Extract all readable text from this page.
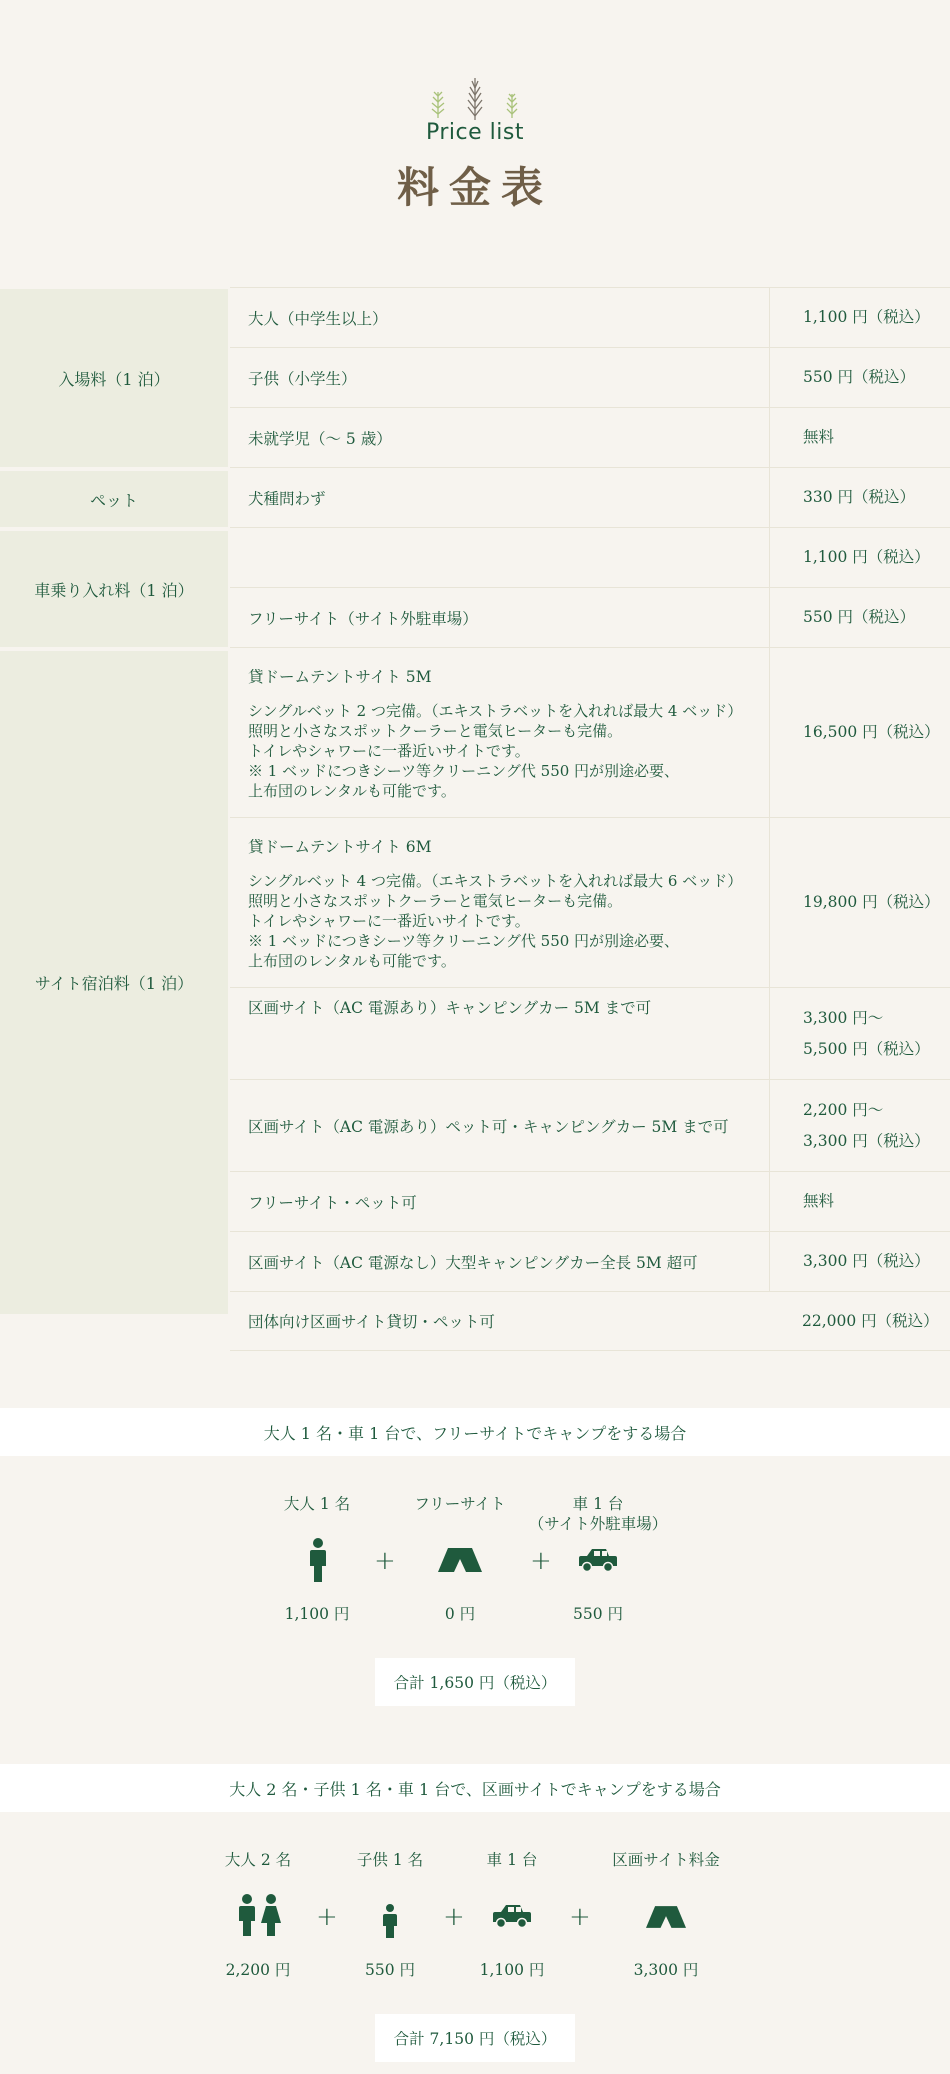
Price list
料金表
入場料（1 泊）
大人（中学生以上）	1,100 円（税込）
子供（小学生）	550 円（税込）
未就学児（～ 5 歳）	無料
ペット	犬種問わず	330 円（税込）
車乗り入れ料（1 泊）
1,100 円（税込）
フリーサイト（サイト外駐車場）	550 円（税込）
サイト宿泊料（1 泊）
貸ドームテントサイト 5M
シングルベット 2 つ完備。（エキストラベットを入れれば最大 4 ベッド）
照明と小さなスポットクーラーと電気ヒーターも完備。
トイレやシャワーに一番近いサイトです。
※ 1 ベッドにつきシーツ等クリーニング代 550 円が別途必要、
上布団のレンタルも可能です。
16,500 円（税込）
貸ドームテントサイト 6M
シングルベット 4 つ完備。（エキストラベットを入れれば最大 6 ベッド）
照明と小さなスポットクーラーと電気ヒーターも完備。
トイレやシャワーに一番近いサイトです。
※ 1 ベッドにつきシーツ等クリーニング代 550 円が別途必要、
上布団のレンタルも可能です。
19,800 円（税込）
区画サイト（AC 電源あり）キャンピングカー 5M まで可
3,300 円～ 5,500 円（税込）
区画サイト（AC 電源あり）ペット可・キャンピングカー 5M まで可
2,200 円～ 3,300 円（税込）
フリーサイト・ペット可	無料
区画サイト（AC 電源なし）大型キャンピングカー全長 5M 超可	3,300 円（税込）
団体向け区画サイト貸切・ペット可	22,000 円（税込）
大人 1 名・車 1 台で、フリーサイトでキャンプをする場合
大人 1 名
1,100 円
+
フリーサイト
0 円
+
車 1 台
（サイト外駐車場）
550 円
合計 1,650 円（税込）
大人 2 名・子供 1 名・車 1 台で、区画サイトでキャンプをする場合
大人 2 名
2,200 円
+
子供 1 名
550 円
+
車 1 台
1,100 円
+
区画サイト料金
3,300 円
合計 7,150 円（税込）
